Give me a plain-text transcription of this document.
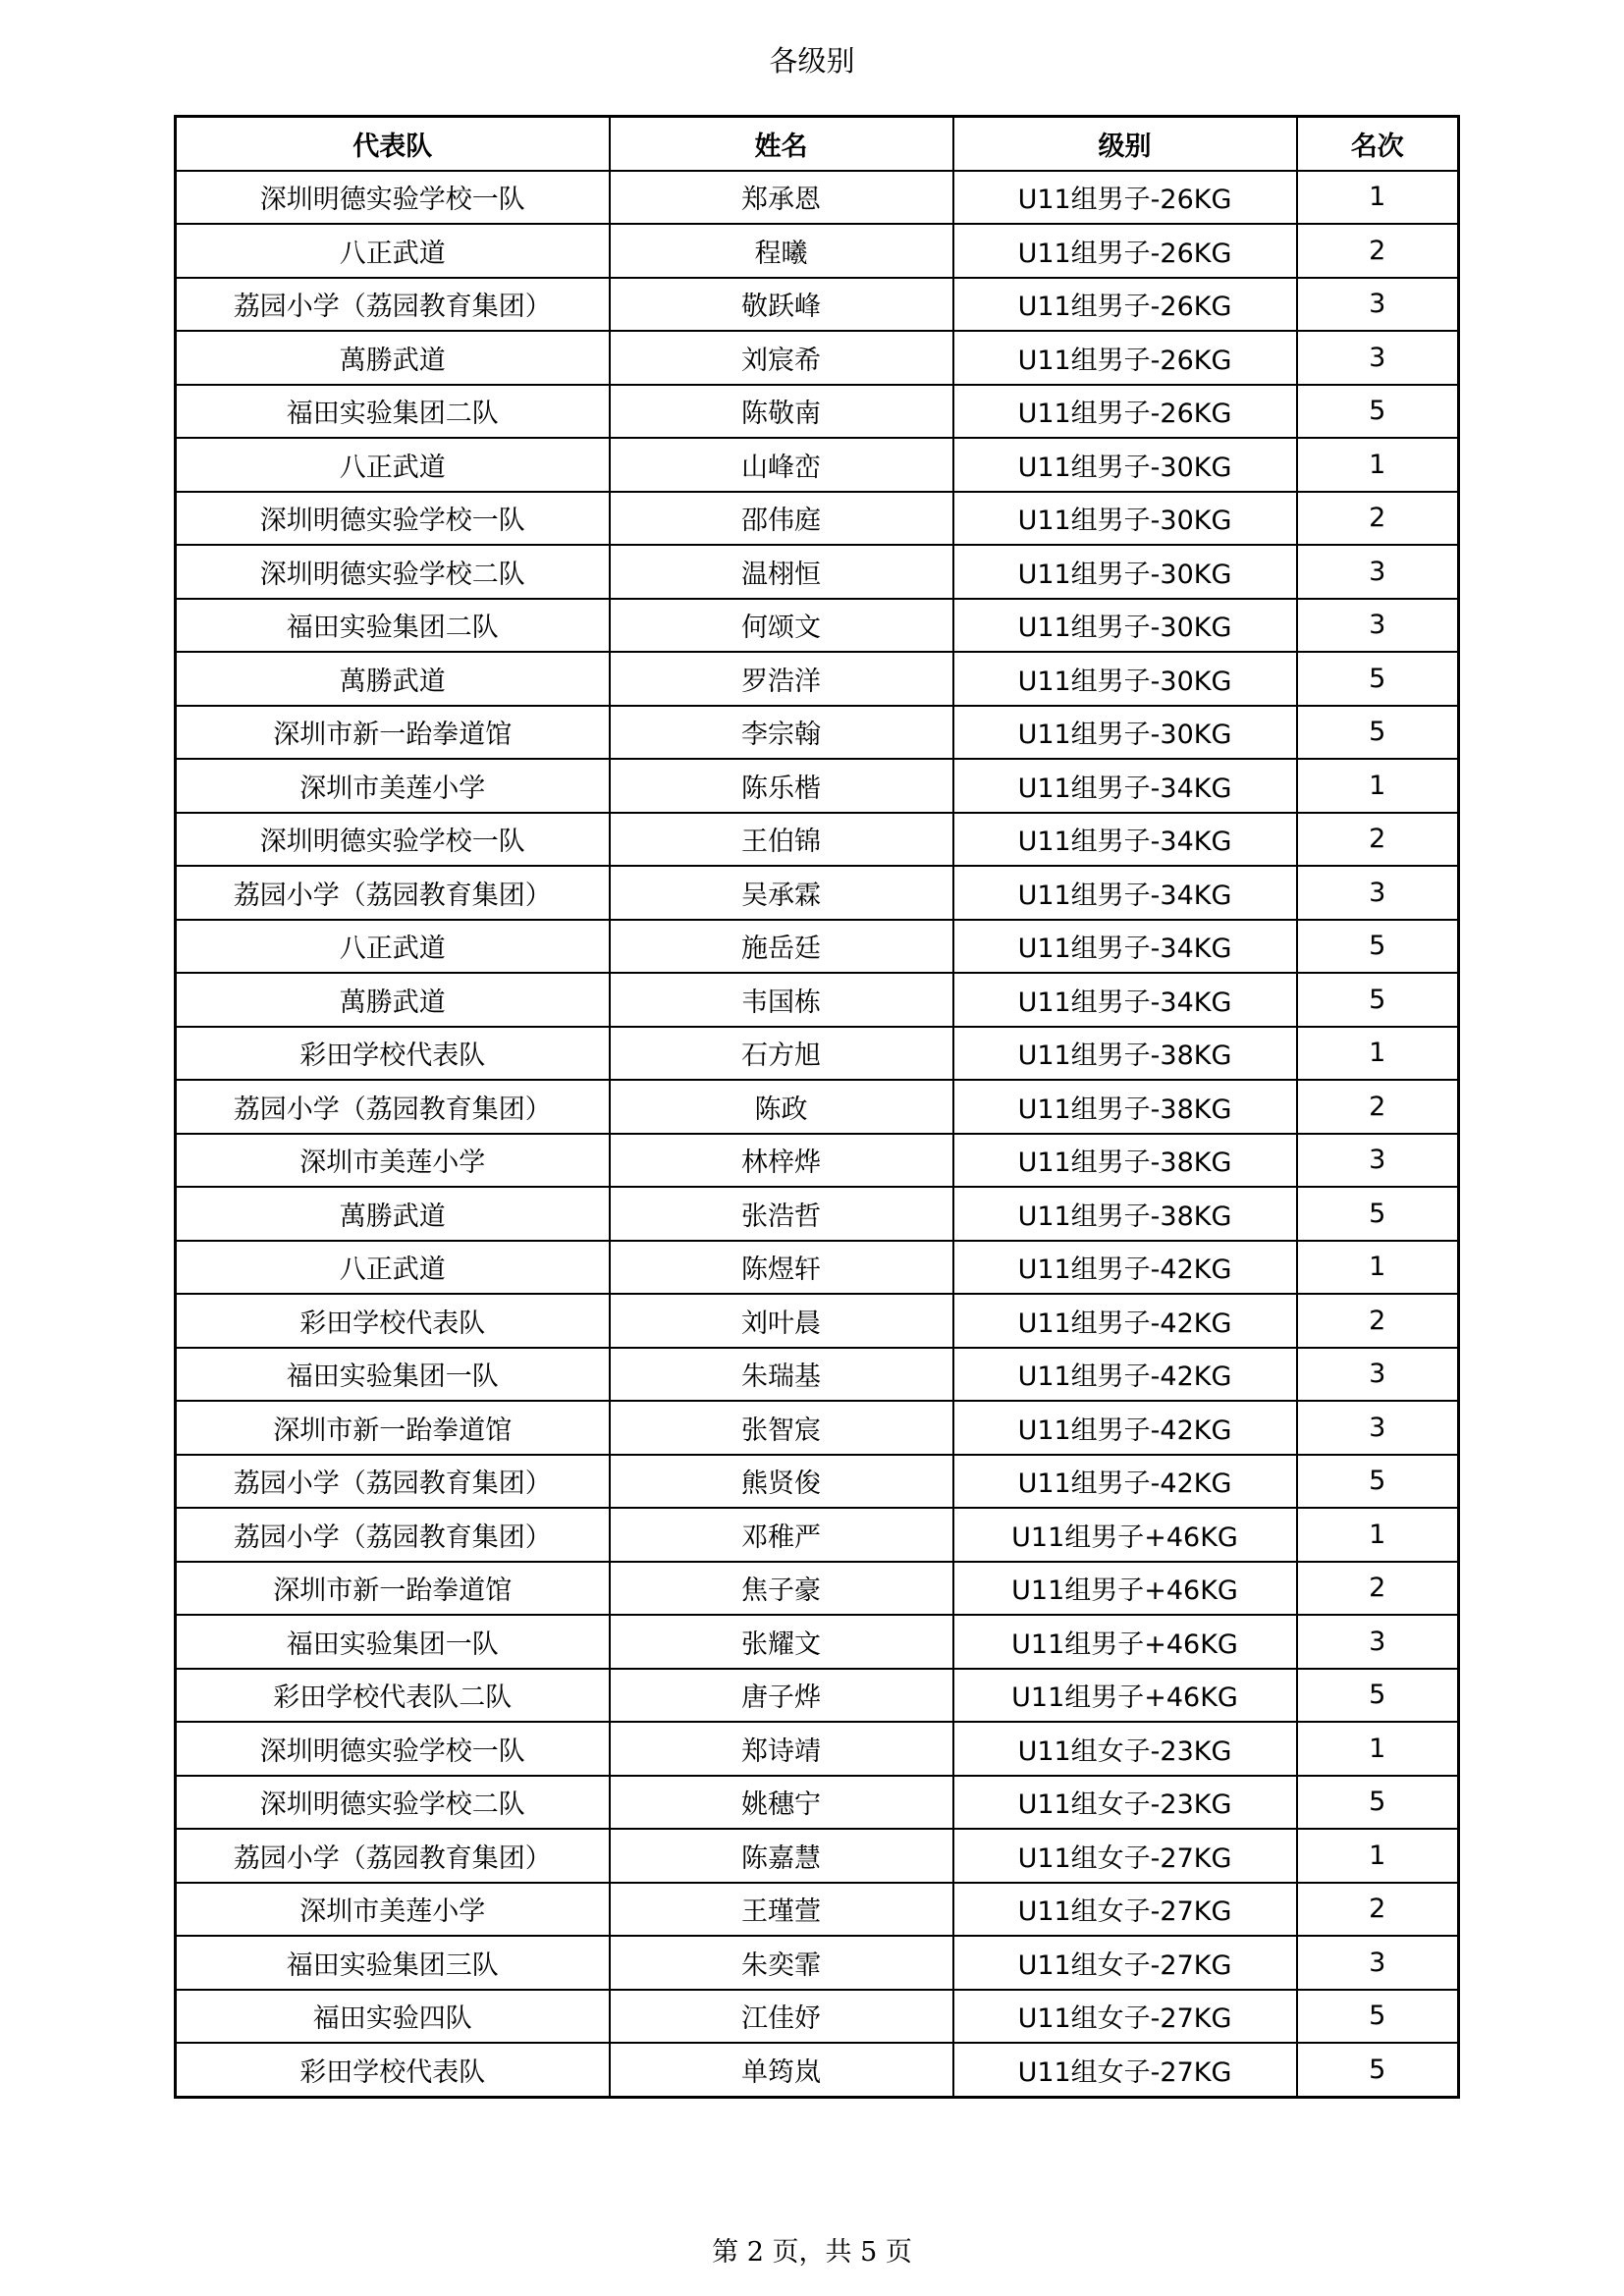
各级别
代表队	姓名	级别	名次
深圳明德实验学校一队	郑承恩	U11组男子-26KG	1
八正武道	程曦	U11组男子-26KG	2
荔园小学（荔园教育集团）	敬跃峰	U11组男子-26KG	3
萬勝武道	刘宸希	U11组男子-26KG	3
福田实验集团二队	陈敬南	U11组男子-26KG	5
八正武道	山峰峦	U11组男子-30KG	1
深圳明德实验学校一队	邵伟庭	U11组男子-30KG	2
深圳明德实验学校二队	温栩恒	U11组男子-30KG	3
福田实验集团二队	何颂文	U11组男子-30KG	3
萬勝武道	罗浩洋	U11组男子-30KG	5
深圳市新一跆拳道馆	李宗翰	U11组男子-30KG	5
深圳市美莲小学	陈乐楷	U11组男子-34KG	1
深圳明德实验学校一队	王伯锦	U11组男子-34KG	2
荔园小学（荔园教育集团）	吴承霖	U11组男子-34KG	3
八正武道	施岳廷	U11组男子-34KG	5
萬勝武道	韦国栋	U11组男子-34KG	5
彩田学校代表队	石方旭	U11组男子-38KG	1
荔园小学（荔园教育集团）	陈政	U11组男子-38KG	2
深圳市美莲小学	林梓烨	U11组男子-38KG	3
萬勝武道	张浩哲	U11组男子-38KG	5
八正武道	陈煜轩	U11组男子-42KG	1
彩田学校代表队	刘叶晨	U11组男子-42KG	2
福田实验集团一队	朱瑞基	U11组男子-42KG	3
深圳市新一跆拳道馆	张智宸	U11组男子-42KG	3
荔园小学（荔园教育集团）	熊贤俊	U11组男子-42KG	5
荔园小学（荔园教育集团）	邓稚严	U11组男子+46KG	1
深圳市新一跆拳道馆	焦子豪	U11组男子+46KG	2
福田实验集团一队	张耀文	U11组男子+46KG	3
彩田学校代表队二队	唐子烨	U11组男子+46KG	5
深圳明德实验学校一队	郑诗靖	U11组女子-23KG	1
深圳明德实验学校二队	姚穗宁	U11组女子-23KG	5
荔园小学（荔园教育集团）	陈嘉慧	U11组女子-27KG	1
深圳市美莲小学	王瑾萱	U11组女子-27KG	2
福田实验集团三队	朱奕霏	U11组女子-27KG	3
福田实验四队	江佳妤	U11组女子-27KG	5
彩田学校代表队	单筠岚	U11组女子-27KG	5
第 2 页，共 5 页
